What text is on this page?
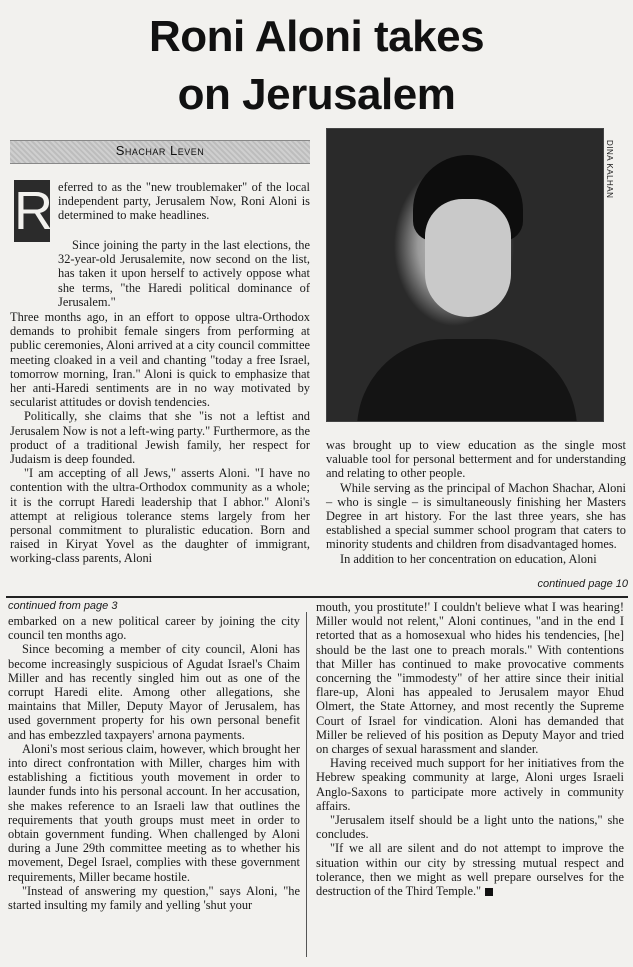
Roni Aloni takes
on Jerusalem
Shachar Leven	DINA KALHAN
R eferred to as the "new troublemaker" of the local independent party, Jerusalem Now, Roni Aloni is determined to make headlines.

Since joining the party in the last elections, the 32-year-old Jerusalemite, now second on the list, has taken it upon herself to actively oppose what she terms, "the Haredi political dominance of Jerusalem."

Three months ago, in an effort to oppose ultra-Orthodox demands to prohibit female singers from performing at public ceremonies, Aloni arrived at a city council committee meeting cloaked in a veil and chanting "today a free Israel, tomorrow morning, Iran." Aloni is quick to emphasize that her anti-Haredi sentiments are in no way motivated by secularist attitudes or dovish tendencies.

Politically, she claims that she "is not a leftist and Jerusalem Now is not a left-wing party." Furthermore, as the product of a traditional Jewish family, her respect for Judaism is deep founded.

"I am accepting of all Jews," asserts Aloni. "I have no contention with the ultra-Orthodox community as a whole; it is the corrupt Haredi leadership that I abhor." Aloni's attempt at religious tolerance stems largely from her personal commitment to pluralistic education. Born and raised in Kiryat Yovel as the daughter of immigrant, working-class parents, Aloni

was brought up to view education as the single most valuable tool for personal betterment and for understanding and relating to other people.

While serving as the principal of Machon Shachar, Aloni – who is single – is simultaneously finishing her Masters Degree in art history. For the last three years, she has established a special summer school program that caters to minority students and children from disadvantaged homes.

In addition to her concentration on education, Aloni

continued page 10
continued from page 3

embarked on a new political career by joining the city council ten months ago.

Since becoming a member of city council, Aloni has become increasingly suspicious of Agudat Israel's Chaim Miller and has recently singled him out as one of the corrupt Haredi elite. Among other allegations, she maintains that Miller, Deputy Mayor of Jerusalem, has used government property for his own personal benefit and has embezzled taxpayers' arnona payments.

Aloni's most serious claim, however, which brought her into direct confrontation with Miller, charges him with establishing a fictitious youth movement in order to launder funds into his personal account. In her accusation, she makes reference to an Israeli law that outlines the requirements that youth groups must meet in order to obtain government funding. When challenged by Aloni during a June 29th committee meeting as to whether his movement, Degel Israel, complies with these government requirements, Miller became hostile.

"Instead of answering my question," says Aloni, "he started insulting my family and yelling 'shut your

mouth, you prostitute!' I couldn't believe what I was hearing! Miller would not relent," Aloni continues, "and in the end I retorted that as a homosexual who hides his tendencies, [he] should be the last one to preach morals." With contentions that Miller has continued to make provocative comments concerning the "immodesty" of her attire since their initial flare-up, Aloni has appealed to Jerusalem mayor Ehud Olmert, the State Attorney, and most recently the Supreme Court of Israel for vindication. Aloni has demanded that Miller be relieved of his position as Deputy Mayor and tried on charges of sexual harassment and slander.

Having received much support for her initiatives from the Hebrew speaking community at large, Aloni urges Israeli Anglo-Saxons to participate more actively in community affairs.

"Jerusalem itself should be a light unto the nations," she concludes.

"If we all are silent and do not attempt to improve the situation within our city by stressing mutual respect and tolerance, then we might as well prepare ourselves for the destruction of the Third Temple."
